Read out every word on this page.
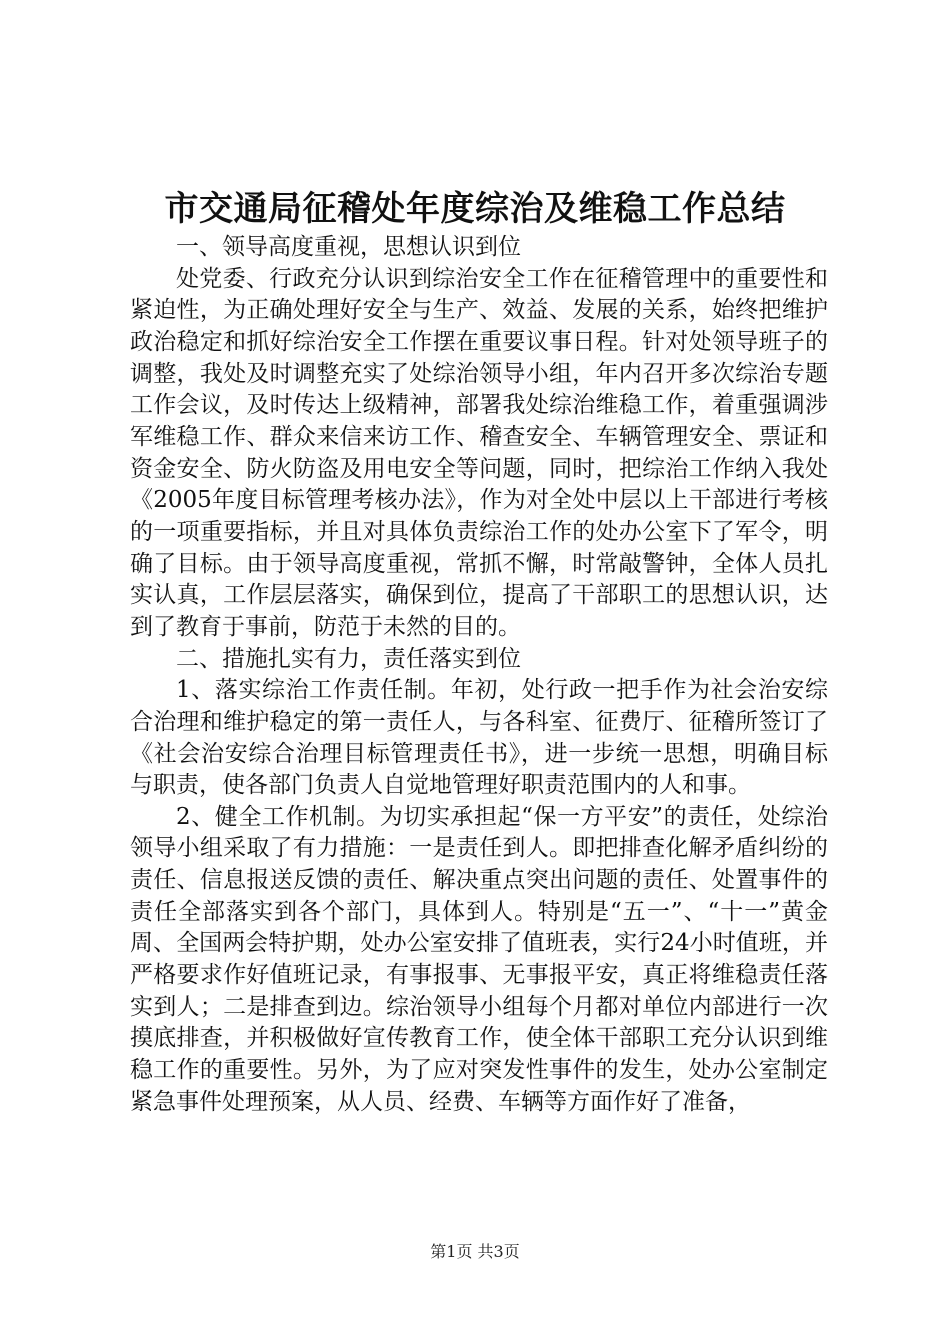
市交通局征稽处年度综治及维稳工作总结

一、领导高度重视，思想认识到位

处党委、行政充分认识到综治安全工作在征稽管理中的重要性和紧迫性，为正确处理好安全与生产、效益、发展的关系，始终把维护政治稳定和抓好综治安全工作摆在重要议事日程。针对处领导班子的调整，我处及时调整充实了处综治领导小组，年内召开多次综治专题工作会议，及时传达上级精神，部署我处综治维稳工作，着重强调涉军维稳工作、群众来信来访工作、稽查安全、车辆管理安全、票证和资金安全、防火防盗及用电安全等问题，同时，把综治工作纳入我处《2005年度目标管理考核办法》，作为对全处中层以上干部进行考核的一项重要指标，并且对具体负责综治工作的处办公室下了军令，明确了目标。由于领导高度重视，常抓不懈，时常敲警钟，全体人员扎实认真，工作层层落实，确保到位，提高了干部职工的思想认识，达到了教育于事前，防范于未然的目的。

二、措施扎实有力，责任落实到位

1、落实综治工作责任制。年初，处行政一把手作为社会治安综合治理和维护稳定的第一责任人，与各科室、征费厅、征稽所签订了《社会治安综合治理目标管理责任书》，进一步统一思想，明确目标与职责，使各部门负责人自觉地管理好职责范围内的人和事。

2、健全工作机制。为切实承担起“保一方平安”的责任，处综治领导小组采取了有力措施：一是责任到人。即把排查化解矛盾纠纷的责任、信息报送反馈的责任、解决重点突出问题的责任、处置事件的责任全部落实到各个部门，具体到人。特别是“五一”、“十一”黄金周、全国两会特护期，处办公室安排了值班表，实行24小时值班，并严格要求作好值班记录，有事报事、无事报平安，真正将维稳责任落实到人；二是排查到边。综治领导小组每个月都对单位内部进行一次摸底排查，并积极做好宣传教育工作，使全体干部职工充分认识到维稳工作的重要性。另外，为了应对突发性事件的发生，处办公室制定紧急事件处理预案，从人员、经费、车辆等方面作好了准备，

第1页 共3页
